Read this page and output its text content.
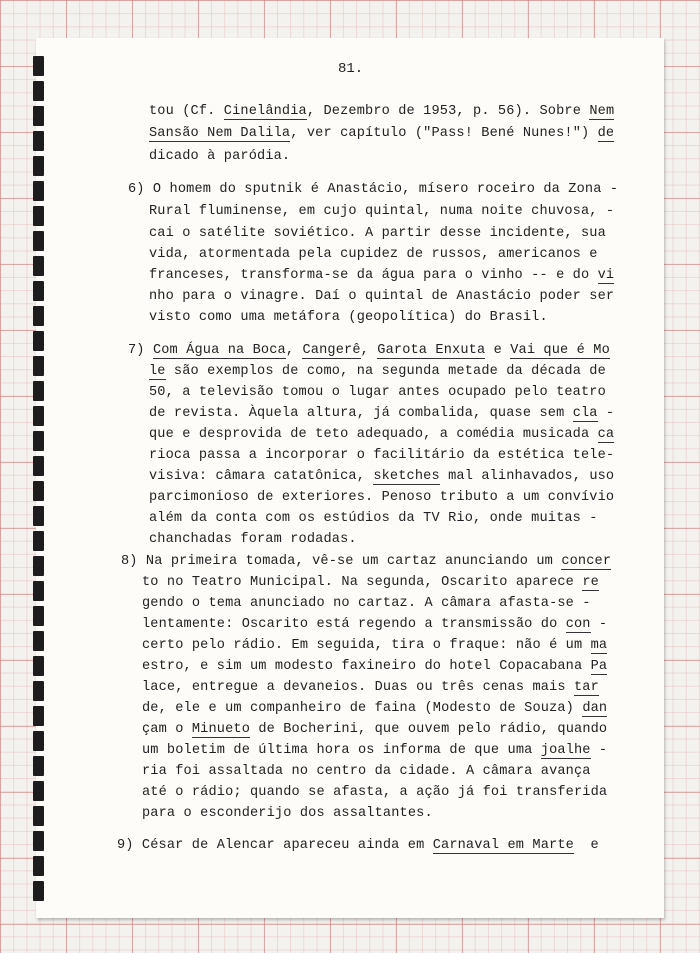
81.
tou (Cf. Cinelândia, Dezembro de 1953, p. 56). Sobre Nem
Sansão Nem Dalila, ver capítulo ("Pass! Bené Nunes!") de
dicado à paródia.
6) O homem do sputnik é Anastácio, mísero roceiro da Zona -
Rural fluminense, em cujo quintal, numa noite chuvosa, -
cai o satélite soviético. A partir desse incidente, sua
vida, atormentada pela cupidez de russos, americanos e
franceses, transforma-se da água para o vinho -- e do vi
nho para o vinagre. Daí o quintal de Anastácio poder ser
visto como uma metáfora (geopolítica) do Brasil.
7) Com Água na Boca, Cangerê, Garota Enxuta e Vai que é Mo
le são exemplos de como, na segunda metade da década de
50, a televisão tomou o lugar antes ocupado pelo teatro
de revista. Àquela altura, já combalida, quase sem cla -
que e desprovida de teto adequado, a comédia musicada ca
rioca passa a incorporar o facilitário da estética tele-
visiva: câmara catatônica, sketches mal alinhavados, uso
parcimonioso de exteriores. Penoso tributo a um convívio
além da conta com os estúdios da TV Rio, onde muitas -
chanchadas foram rodadas.
8) Na primeira tomada, vê-se um cartaz anunciando um concer
to no Teatro Municipal. Na segunda, Oscarito aparece re
gendo o tema anunciado no cartaz. A câmara afasta-se -
lentamente: Oscarito está regendo a transmissão do con -
certo pelo rádio. Em seguida, tira o fraque: não é um ma
estro, e sim um modesto faxineiro do hotel Copacabana Pa
lace, entregue a devaneios. Duas ou três cenas mais tar
de, ele e um companheiro de faina (Modesto de Souza) dan
çam o Minueto de Bocherini, que ouvem pelo rádio, quando
um boletim de última hora os informa de que uma joalhe -
ria foi assaltada no centro da cidade. A câmara avança
até o rádio; quando se afasta, a ação já foi transferida
para o esconderijo dos assaltantes.
9) César de Alencar apareceu ainda em Carnaval em Marte  e
